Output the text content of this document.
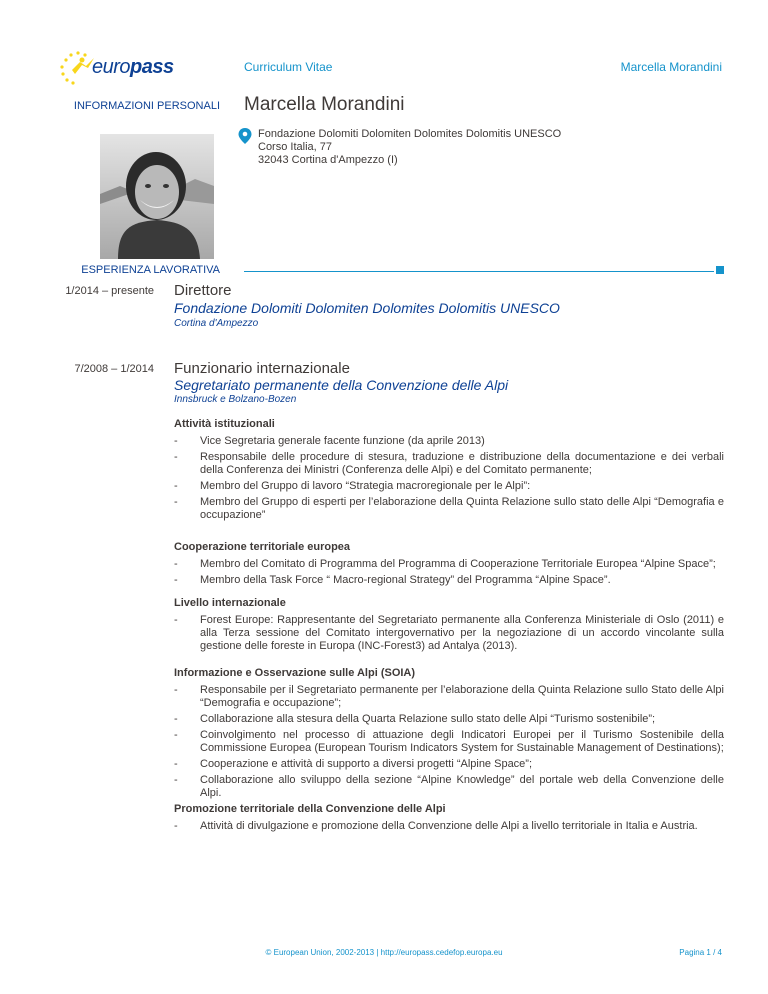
europass	Curriculum Vitae	Marcella Morandini
INFORMAZIONI PERSONALI Marcella Morandini
Fondazione Dolomiti Dolomiten Dolomites Dolomitis UNESCO
Corso Italia, 77
32043 Cortina d'Ampezzo (I)
ESPERIENZA LAVORATIVA
1/2014 – presente Direttore
Fondazione Dolomiti Dolomiten Dolomites Dolomitis UNESCO
Cortina d'Ampezzo
7/2008 – 1/2014 Funzionario internazionale
Segretariato permanente della Convenzione delle Alpi
Innsbruck e Bolzano-Bozen
Attività istituzionali
- Vice Segretaria generale facente funzione (da aprile 2013)
- Responsabile delle procedure di stesura, traduzione e distribuzione della documentazione e dei verbali della Conferenza dei Ministri (Conferenza delle Alpi) e del Comitato permanente;
- Membro del Gruppo di lavoro “Strategia macroregionale per le Alpi”:
- Membro del Gruppo di esperti per l’elaborazione della Quinta Relazione sullo stato delle Alpi “Demografia e occupazione”
Cooperazione territoriale europea
- Membro del Comitato di Programma del Programma di Cooperazione Territoriale Europea “Alpine Space”;
- Membro della Task Force “ Macro-regional Strategy” del Programma “Alpine Space”.
Livello internazionale
- Forest Europe: Rappresentante del Segretariato permanente alla Conferenza Ministeriale di Oslo (2011) e alla Terza sessione del Comitato intergovernativo per la negoziazione di un accordo vincolante sulla gestione delle foreste in Europa (INC-Forest3) ad Antalya (2013).
Informazione e Osservazione sulle Alpi (SOIA)
- Responsabile per il Segretariato permanente per l’elaborazione della Quinta Relazione sullo Stato delle Alpi “Demografia e occupazione”;
- Collaborazione alla stesura della Quarta Relazione sullo stato delle Alpi “Turismo sostenibile”;
- Coinvolgimento nel processo di attuazione degli Indicatori Europei per il Turismo Sostenibile della Commissione Europea (European Tourism Indicators System for Sustainable Management of Destinations);
- Cooperazione e attività di supporto a diversi progetti “Alpine Space”;
- Collaborazione allo sviluppo della sezione “Alpine Knowledge” del portale web della Convenzione delle Alpi.
Promozione territoriale della Convenzione delle Alpi
- Attività di divulgazione e promozione della Convenzione delle Alpi a livello territoriale in Italia e Austria.
© European Union, 2002-2013 | http://europass.cedefop.europa.eu	Pagina 1 / 4
